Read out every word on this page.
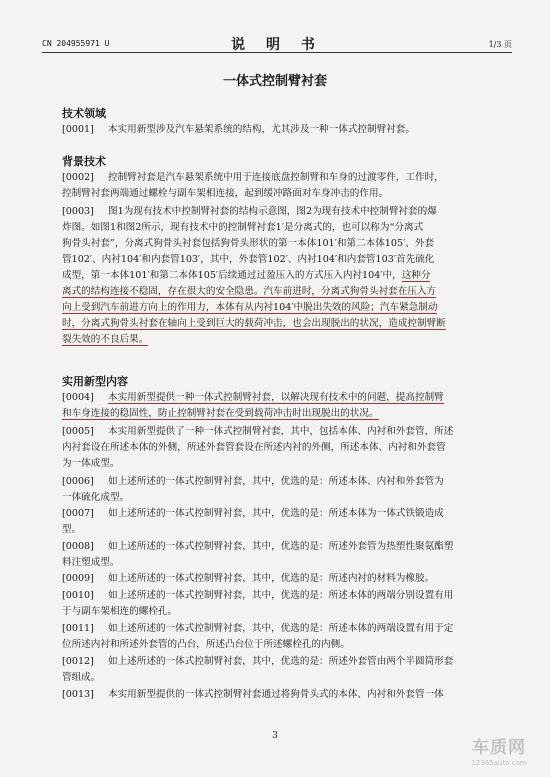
CN 204955971 U	说 明 书	1/3 页
一体式控制臂衬套
技术领域
[0001] 本实用新型涉及汽车悬架系统的结构，尤其涉及一种一体式控制臂衬套。
背景技术
[0002] 控制臂衬套是汽车悬架系统中用于连接底盘控制臂和车身的过渡零件，工作时，
控制臂衬套两端通过螺栓与副车架相连接，起到缓冲路面对车身冲击的作用。
[0003] 图1为现有技术中控制臂衬套的结构示意图，图2为现有技术中控制臂衬套的爆
炸图。如图1和图2所示，现有技术中的控制臂衬套1′是分离式的，也可以称为“分离式
狗骨头衬套”，分离式狗骨头衬套包括狗骨头形状的第一本体101′和第二本体105′、外套
管102′、内衬104′和内套管103′，其中，外套管102′、内衬104′和内套管103′首先硫化
成型，第一本体101′和第二本体105′后续通过过盈压入的方式压入内衬104′中，这种分
离式的结构连接不稳固，存在很大的安全隐患。汽车前进时，分离式狗骨头衬套在压入方
向上受到汽车前进方向上的作用力，本体有从内衬104′中脱出失效的风险；汽车紧急制动
时，分离式狗骨头衬套在轴向上受到巨大的载荷冲击，也会出现脱出的状况，造成控制臂断
裂失效的不良后果。
实用新型内容
[0004] 本实用新型提供一种一体式控制臂衬套，以解决现有技术中的问题，提高控制臂
和车身连接的稳固性，防止控制臂衬套在受到载荷冲击时出现脱出的状况。
[0005] 本实用新型提供了一种一体式控制臂衬套，其中，包括本体、内衬和外套管，所述
内衬套设在所述本体的外侧，所述外套管套设在所述内衬的外侧，所述本体、内衬和外套管
为一体成型。
[0006] 如上述所述的一体式控制臂衬套，其中，优选的是：所述本体、内衬和外套管为
一体硫化成型。
[0007] 如上述所述的一体式控制臂衬套，其中，优选的是：所述本体为一体式铁锻造成
型。
[0008] 如上述所述的一体式控制臂衬套，其中，优选的是：所述外套管为热塑性聚氨酯塑
料注塑成型。
[0009] 如上述所述的一体式控制臂衬套，其中，优选的是：所述内衬的材料为橡胶。
[0010] 如上述所述的一体式控制臂衬套，其中，优选的是：所述本体的两端分别设置有用
于与副车架相连的螺栓孔。
[0011] 如上述所述的一体式控制臂衬套，其中，优选的是：所述本体的两端设置有用于定
位所述内衬和所述外套管的凸台，所述凸台位于所述螺栓孔的内侧。
[0012] 如上述所述的一体式控制臂衬套，其中，优选的是：所述外套管由两个半圆筒形套
管组成。
[0013] 本实用新型提供的一体式控制臂衬套通过将狗骨头式的本体、内衬和外套管一体
3
车质网
12365auto.com
